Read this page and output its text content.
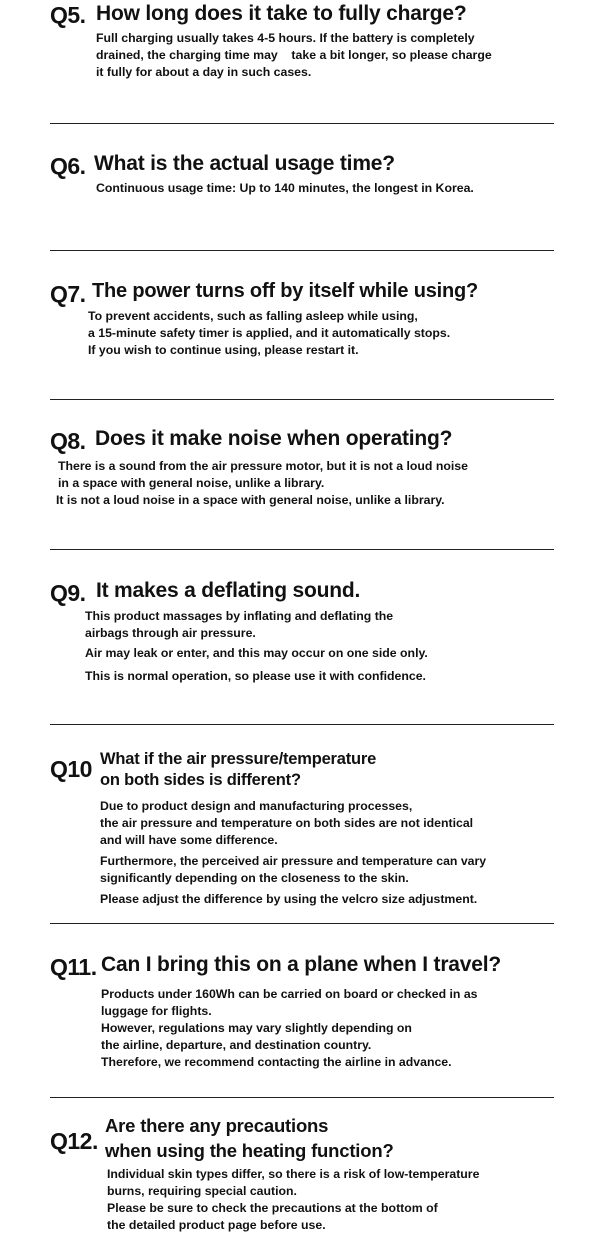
Q5. How long does it take to fully charge?

Full charging usually takes 4-5 hours. If the battery is completely

drained, the charging time may    take a bit longer, so please charge

it fully for about a day in such cases.

Q6. What is the actual usage time?

Continuous usage time: Up to 140 minutes, the longest in Korea.

Q7. The power turns off by itself while using?

To prevent accidents, such as falling asleep while using,

a 15-minute safety timer is applied, and it automatically stops.

If you wish to continue using, please restart it.

Q8. Does it make noise when operating?

There is a sound from the air pressure motor, but it is not a loud noise

in a space with general noise, unlike a library.

It is not a loud noise in a space with general noise, unlike a library.

Q9. It makes a deflating sound.

This product massages by inflating and deflating the

airbags through air pressure.

Air may leak or enter, and this may occur on one side only.

This is normal operation, so please use it with confidence.

Q10 What if the air pressure/temperature
on both sides is different?

Due to product design and manufacturing processes,

the air pressure and temperature on both sides are not identical

and will have some difference.

Furthermore, the perceived air pressure and temperature can vary

significantly depending on the closeness to the skin.

Please adjust the difference by using the velcro size adjustment.

Q11. Can I bring this on a plane when I travel?

Products under 160Wh can be carried on board or checked in as

luggage for flights.

However, regulations may vary slightly depending on

the airline, departure, and destination country.

Therefore, we recommend contacting the airline in advance.

Q12.
Are there any precautions
when using the heating function?

Individual skin types differ, so there is a risk of low-temperature

burns, requiring special caution.

Please be sure to check the precautions at the bottom of

the detailed product page before use.
